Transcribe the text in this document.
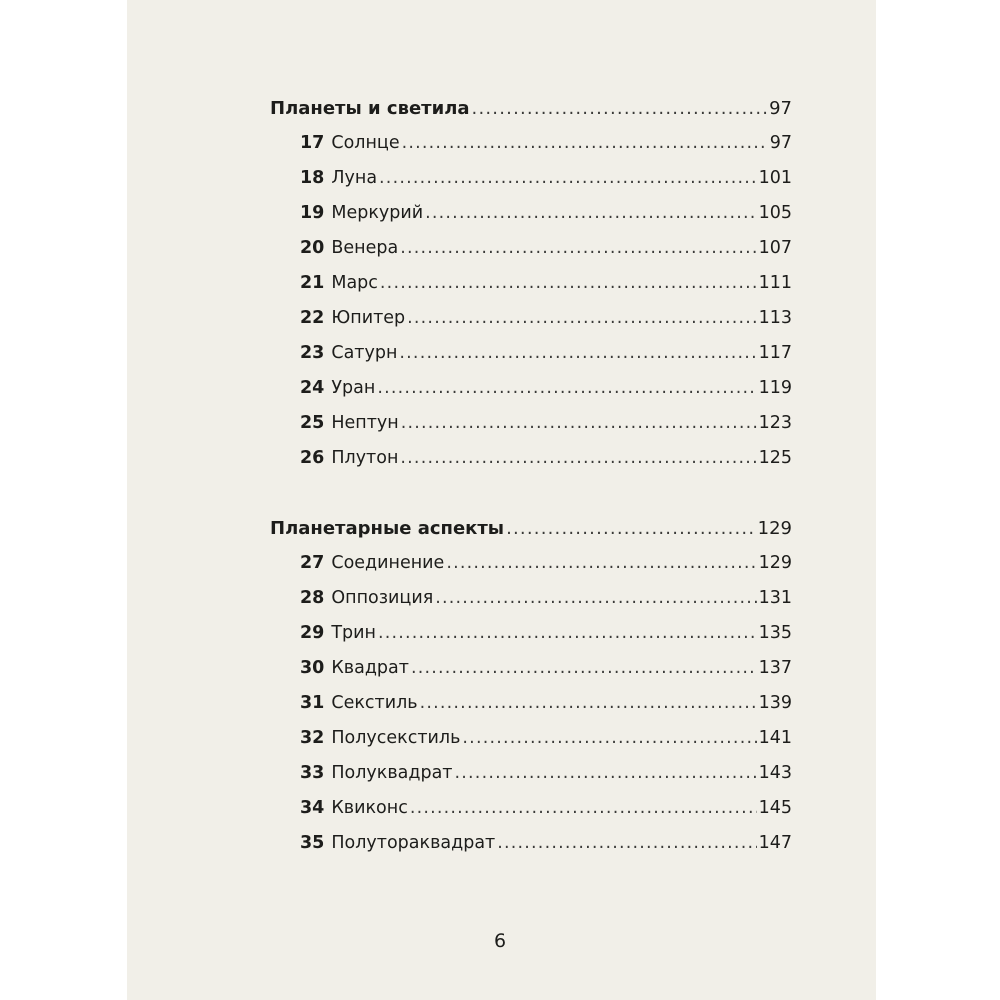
Планеты и светила .....	97
17 Солнце .....	97
18 Луна .....	101
19 Меркурий .....	105
20 Венера .....	107
21 Марс .....	111
22 Юпитер .....	113
23 Сатурн .....	117
24 Уран .....	119
25 Нептун .....	123
26 Плутон .....	125
Планетарные аспекты .....	129
27 Соединение .....	129
28 Оппозиция .....	131
29 Трин .....	135
30 Квадрат .....	137
31 Секстиль .....	139
32 Полусекстиль .....	141
33 Полуквадрат .....	143
34 Квиконс .....	145
35 Полутораквадрат .....	147
6
